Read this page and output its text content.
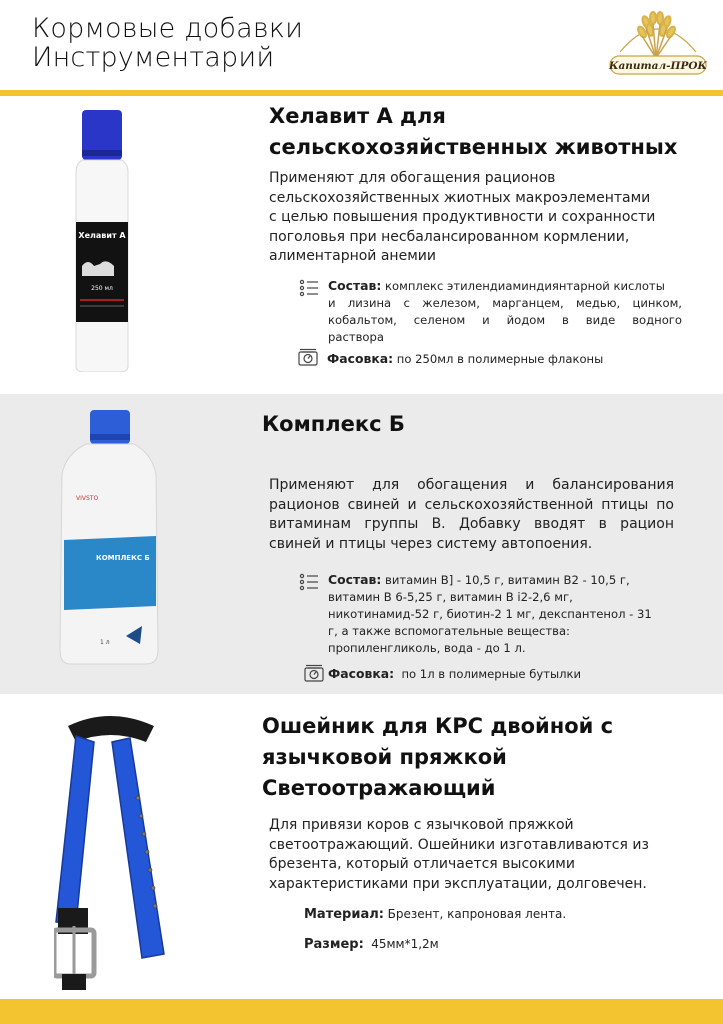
Кормовые добавки
Инструментарий	Капитал-ПРОК
Хелавит А
250 мл
Хелавит А для
сельскохозяйственных животных
Применяют для обогащения рационов
сельскохозяйственных жиотных макроэлементами
с целью повышения продуктивности и сохранности
поголовья при несбалансированном кормлении,
алиментарной анемии
Состав: комплекс этилендиаминдиянтарной кислоты
и лизина с железом, марганцем, медью, цинком,
кобальтом, селеном и йодом в виде водного
раствора
Фасовка: по 250мл в полимерные флаконы
КОМПЛЕКС Б
VIVSTO
1 л
Комплекс Б
Применяют для обогащения и балансирования
рационов свиней и сельскохозяйственной птицы по
витаминам группы В. Добавку вводят в рацион
свиней и птицы через систему автопоения.
Состав: витамин В] - 10,5 г, витамин В2 - 10,5 г,
витамин В 6-5,25 г, витамин В i2-2,6 мг,
никотинамид-52 г, биотин-2 1 мг, декспантенол - 31
г, а также вспомогательные вещества:
пропиленгликоль, вода - до 1 л.
Фасовка: по 1л в полимерные бутылки
Ошейник для КРС двойной с
язычковой пряжкой
Светоотражающий
Для привязи коров с язычковой пряжкой
светоотражающий. Ошейники изготавливаются из
брезента, который отличается высокими
характеристиками при эксплуатации, долговечен.
Материал: Брезент, капроновая лента.
Размер: 45мм*1,2м
